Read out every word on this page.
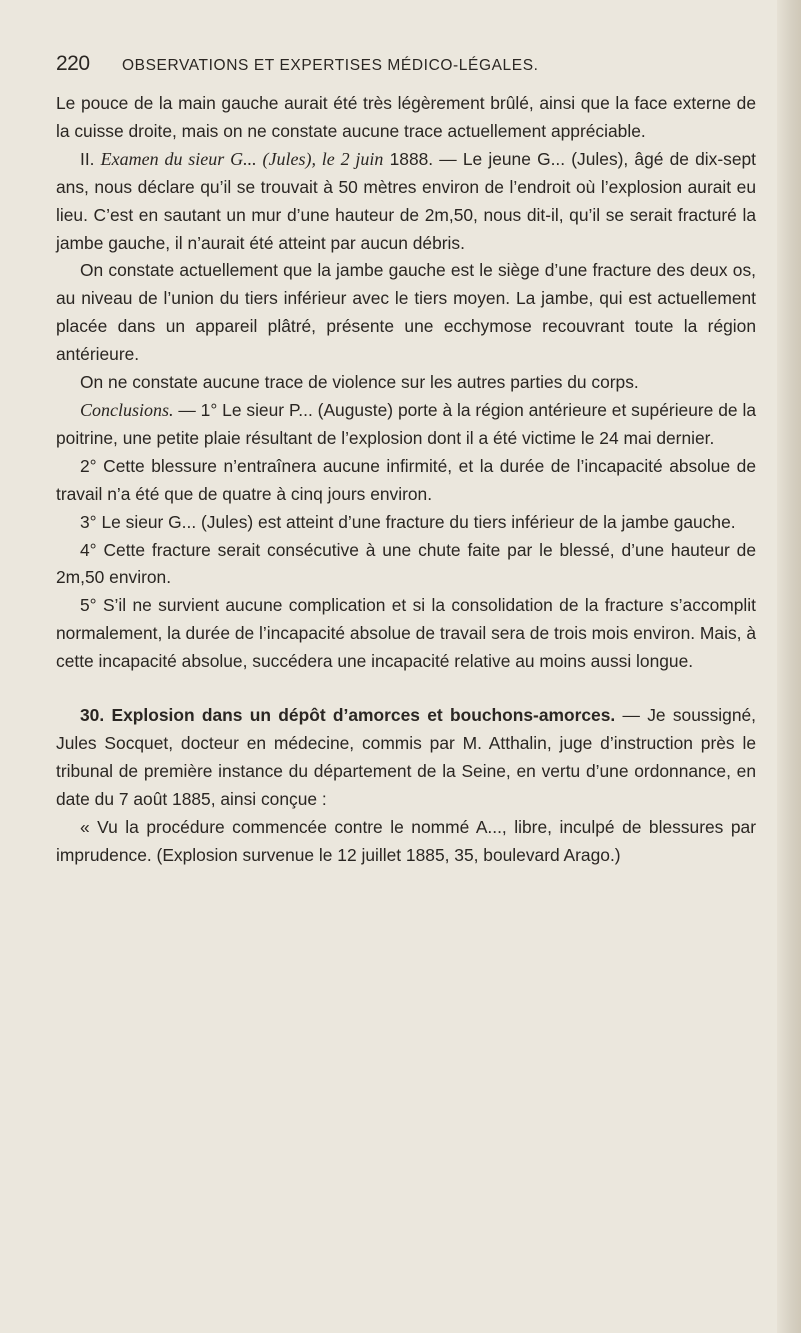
220	OBSERVATIONS ET EXPERTISES MÉDICO-LÉGALES.

Le pouce de la main gauche aurait été très légèrement brûlé, ainsi que la face externe de la cuisse droite, mais on ne constate aucune trace actuellement appréciable.

II. Examen du sieur G... (Jules), le 2 juin 1888. — Le jeune G... (Jules), âgé de dix-sept ans, nous déclare qu’il se trouvait à 50 mètres environ de l’endroit où l’explosion aurait eu lieu. C’est en sautant un mur d’une hauteur de 2m,50, nous dit-il, qu’il se serait fracturé la jambe gauche, il n’aurait été atteint par aucun débris.

On constate actuellement que la jambe gauche est le siège d’une fracture des deux os, au niveau de l’union du tiers inférieur avec le tiers moyen. La jambe, qui est actuellement placée dans un appareil plâtré, présente une ecchymose recouvrant toute la région antérieure.

On ne constate aucune trace de violence sur les autres parties du corps.

Conclusions. — 1° Le sieur P... (Auguste) porte à la région antérieure et supérieure de la poitrine, une petite plaie résultant de l’explosion dont il a été victime le 24 mai dernier.

2° Cette blessure n’entraînera aucune infirmité, et la durée de l’incapacité absolue de travail n’a été que de quatre à cinq jours environ.

3° Le sieur G... (Jules) est atteint d’une fracture du tiers inférieur de la jambe gauche.

4° Cette fracture serait consécutive à une chute faite par le blessé, d’une hauteur de 2m,50 environ.

5° S’il ne survient aucune complication et si la consolidation de la fracture s’accomplit normalement, la durée de l’incapacité absolue de travail sera de trois mois environ. Mais, à cette incapacité absolue, succédera une incapacité relative au moins aussi longue.

30. Explosion dans un dépôt d’amorces et bouchons-amorces. — Je soussigné, Jules Socquet, docteur en médecine, commis par M. Atthalin, juge d’instruction près le tribunal de première instance du département de la Seine, en vertu d’une ordonnance, en date du 7 août 1885, ainsi conçue :

« Vu la procédure commencée contre le nommé A..., libre, inculpé de blessures par imprudence. (Explosion survenue le 12 juillet 1885, 35, boulevard Arago.)
